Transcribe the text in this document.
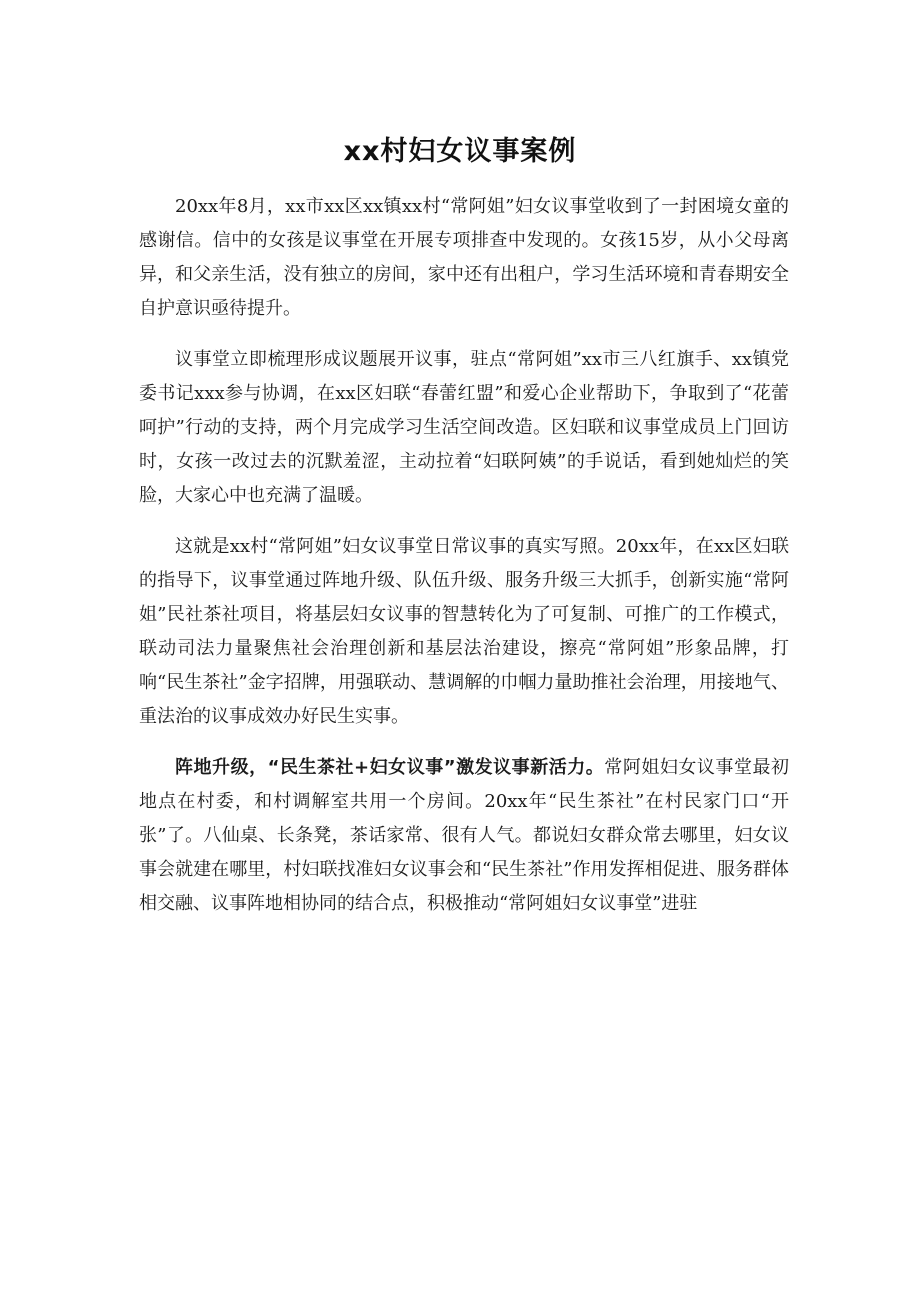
xx村妇女议事案例

20xx年8月，xx市xx区xx镇xx村“常阿姐”妇女议事堂收到了一封困境女童的感谢信。信中的女孩是议事堂在开展专项排查中发现的。女孩15岁，从小父母离异，和父亲生活，没有独立的房间，家中还有出租户，学习生活环境和青春期安全自护意识亟待提升。

议事堂立即梳理形成议题展开议事，驻点“常阿姐”xx市三八红旗手、xx镇党委书记xxx参与协调，在xx区妇联“春蕾红盟”和爱心企业帮助下，争取到了“花蕾呵护”行动的支持，两个月完成学习生活空间改造。区妇联和议事堂成员上门回访时，女孩一改过去的沉默羞涩，主动拉着“妇联阿姨”的手说话，看到她灿烂的笑脸，大家心中也充满了温暖。

这就是xx村“常阿姐”妇女议事堂日常议事的真实写照。20xx年，在xx区妇联的指导下，议事堂通过阵地升级、队伍升级、服务升级三大抓手，创新实施“常阿姐”民社茶社项目，将基层妇女议事的智慧转化为了可复制、可推广的工作模式，联动司法力量聚焦社会治理创新和基层法治建设，擦亮“常阿姐”形象品牌，打响“民生茶社”金字招牌，用强联动、慧调解的巾帼力量助推社会治理，用接地气、重法治的议事成效办好民生实事。

阵地升级，“民生茶社+妇女议事”激发议事新活力。常阿姐妇女议事堂最初地点在村委，和村调解室共用一个房间。20xx年“民生茶社”在村民家门口“开张”了。八仙桌、长条凳，茶话家常、很有人气。都说妇女群众常去哪里，妇女议事会就建在哪里，村妇联找准妇女议事会和“民生茶社”作用发挥相促进、服务群体相交融、议事阵地相协同的结合点，积极推动“常阿姐妇女议事堂”进驻
